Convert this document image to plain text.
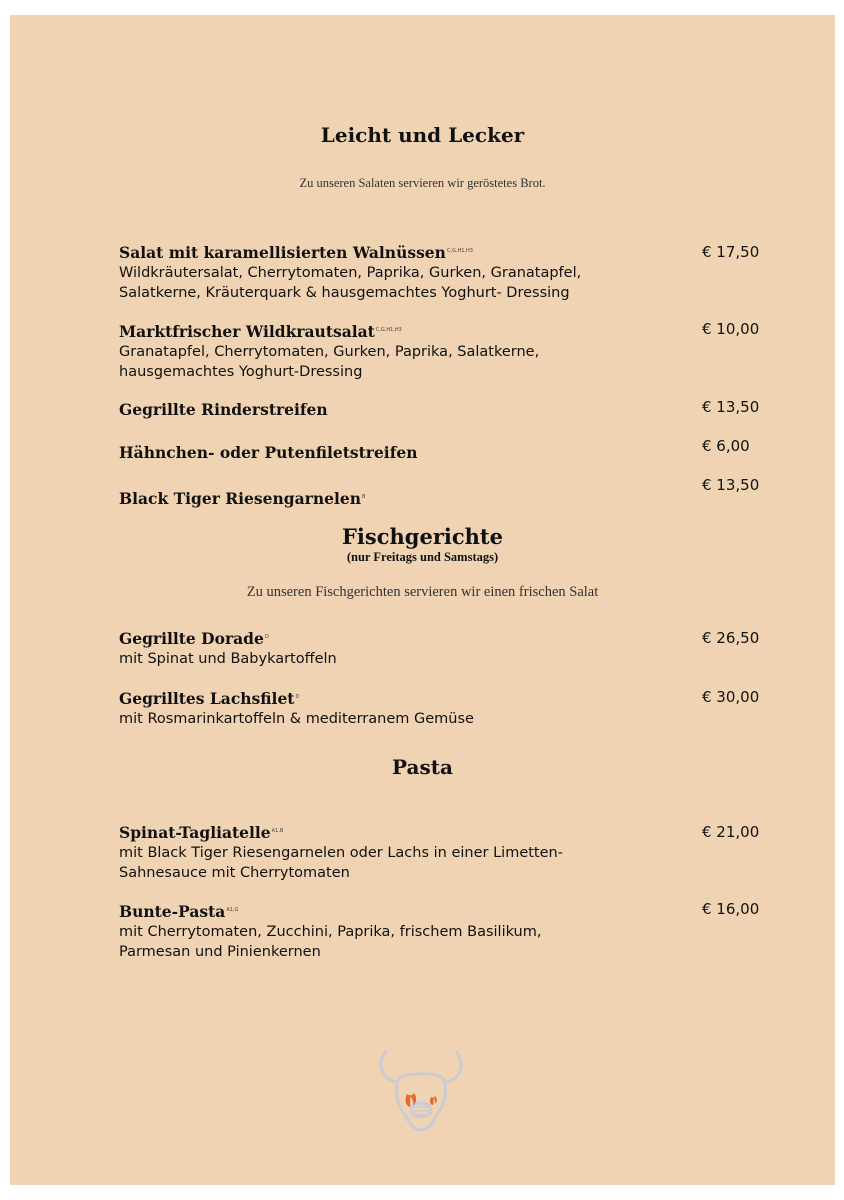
Leicht und Lecker
Zu unseren Salaten servieren wir geröstetes Brot.
Salat mit karamellisierten Walnüssen$^{C,G,H1,H3}$
Wildkräutersalat, Cherrytomaten, Paprika, Gurken, Granatapfel,
Salatkerne, Kräuterquark & hausgemachtes Yoghurt- Dressing
€ 17,50
Marktfrischer Wildkrautsalat$^{C,G,H1,H3}$
Granatapfel, Cherrytomaten, Gurken, Paprika, Salatkerne,
hausgemachtes Yoghurt-Dressing
€ 10,00
Gegrillte Rinderstreifen	€ 13,50
Hähnchen- oder Putenfiletstreifen	€ 6,00
Black Tiger Riesengarnelen$^B$
€ 13,50
Fischgerichte
(nur Freitags und Samstags)
Zu unseren Fischgerichten servieren wir einen frischen Salat
Gegrillte Dorade$^D$
mit Spinat und Babykartoffeln
€ 26,50
Gegrilltes Lachsfilet$^D$
mit Rosmarinkartoffeln & mediterranem Gemüse
€ 30,00
Pasta
Spinat-Tagliatelle$^{A1,B}$
mit Black Tiger Riesengarnelen oder Lachs in einer Limetten-
Sahnesauce mit Cherrytomaten
€ 21,00
Bunte-Pasta$^{A1,G}$
mit Cherrytomaten, Zucchini, Paprika, frischem Basilikum,
Parmesan und Pinienkernen
€ 16,00
